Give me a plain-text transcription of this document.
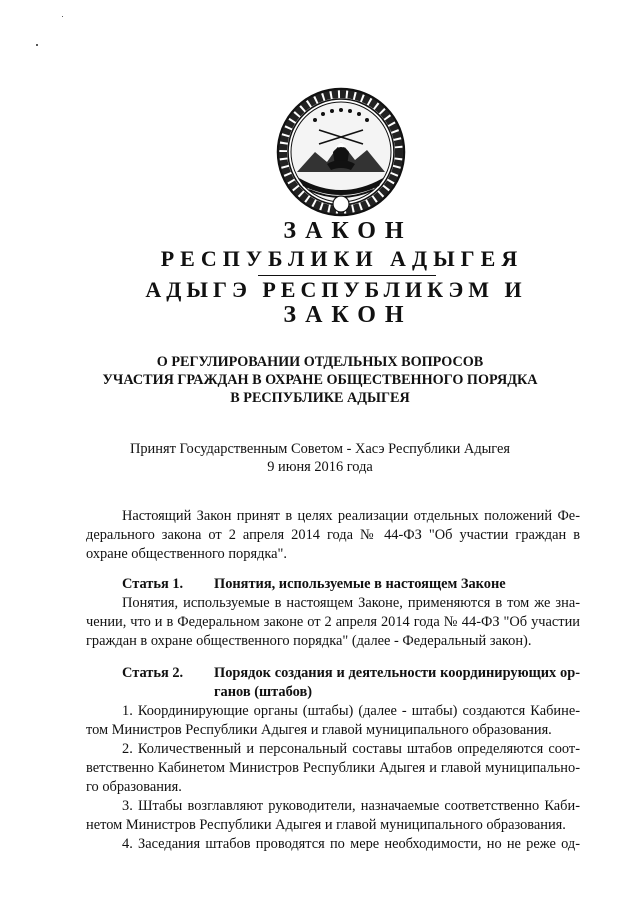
ЗАКОН
РЕСПУБЛИКИ АДЫГЕЯ
АДЫГЭ РЕСПУБЛИКЭМ И
ЗАКОН
О РЕГУЛИРОВАНИИ ОТДЕЛЬНЫХ ВОПРОСОВ
УЧАСТИЯ ГРАЖДАН В ОХРАНЕ ОБЩЕСТВЕННОГО ПОРЯДКА
В РЕСПУБЛИКЕ АДЫГЕЯ
Принят Государственным Советом - Хасэ Республики Адыгея
9 июня 2016 года
Настоящий Закон принят в целях реализации отдельных положений Фе-
дерального закона от 2 апреля 2014 года № 44-ФЗ "Об участии граждан в
охране общественного порядка".
Статья 1. Понятия, используемые в настоящем Законе
Понятия, используемые в настоящем Законе, применяются в том же зна-
чении, что и в Федеральном законе от 2 апреля 2014 года № 44-ФЗ "Об участии
граждан в охране общественного порядка" (далее - Федеральный закон).
Статья 2. Порядок создания и деятельности координирующих ор-
ганов (штабов)
1. Координирующие органы (штабы) (далее - штабы) создаются Кабине-
том Министров Республики Адыгея и главой муниципального образования.
2. Количественный и персональный составы штабов определяются соот-
ветственно Кабинетом Министров Республики Адыгея и главой муниципально-
го образования.
3. Штабы возглавляют руководители, назначаемые соответственно Каби-
нетом Министров Республики Адыгея и главой муниципального образования.
4. Заседания штабов проводятся по мере необходимости, но не реже од-
